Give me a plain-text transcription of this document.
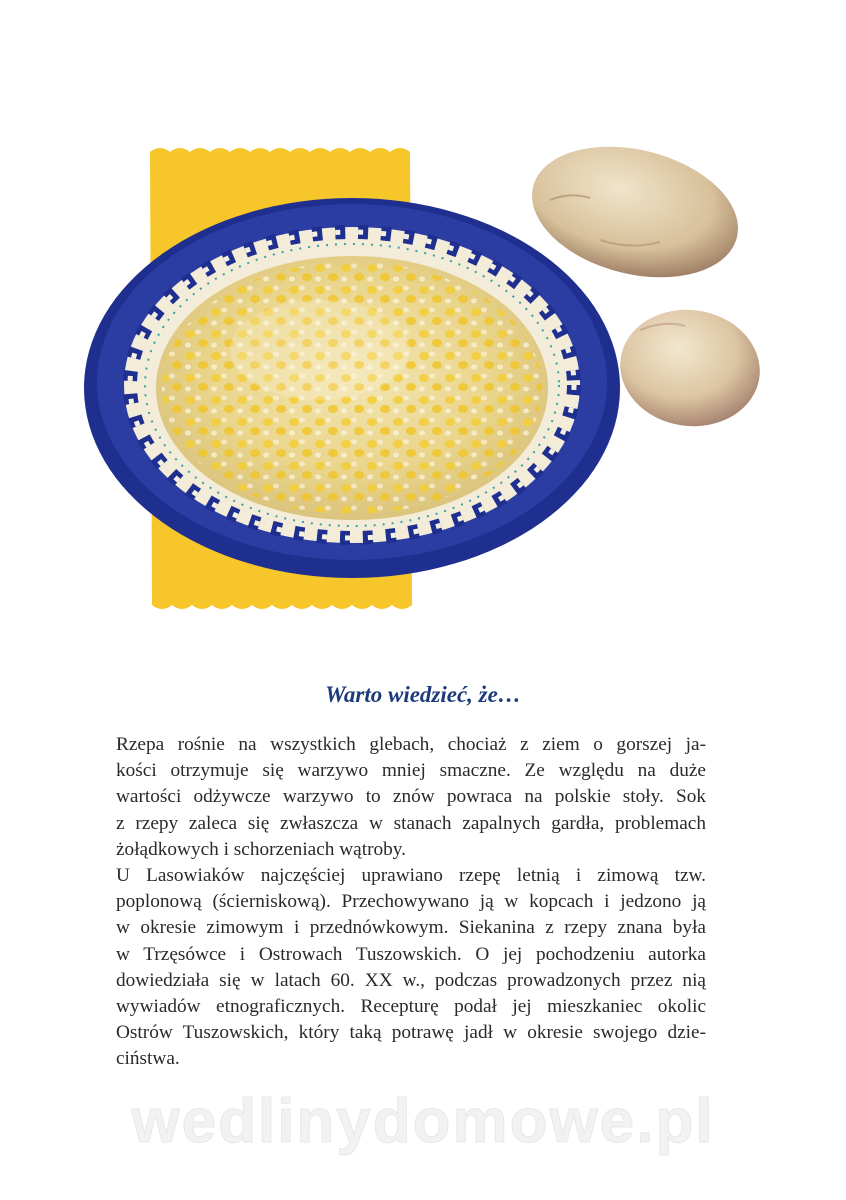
Warto wiedzieć, że…
Rzepa rośnie na wszystkich glebach, chociaż z ziem o gorszej ja-
kości otrzymuje się warzywo mniej smaczne. Ze względu na duże
wartości odżywcze warzywo to znów powraca na polskie stoły. Sok
z rzepy zaleca się zwłaszcza w stanach zapalnych gardła, problemach
żołądkowych i schorzeniach wątroby.
U Lasowiaków najczęściej uprawiano rzepę letnią i zimową tzw.
poplonową (ścierniskową). Przechowywano ją w kopcach i jedzono ją
w okresie zimowym i przednówkowym. Siekanina z rzepy znana była
w Trzęsówce i Ostrowach Tuszowskich. O jej pochodzeniu autorka
dowiedziała się w latach 60. XX w., podczas prowadzonych przez nią
wywiadów etnograficznych. Recepturę podał jej mieszkaniec okolic
Ostrów Tuszowskich, który taką potrawę jadł w okresie swojego dzie-
ciństwa.
wedlinydomowe.pl
